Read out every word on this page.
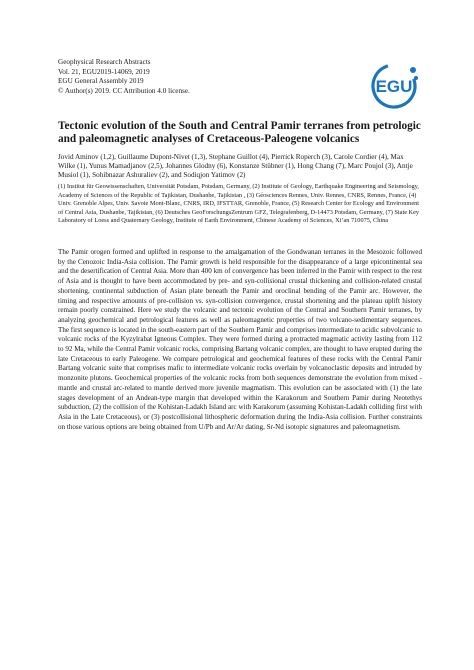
Geophysical Research Abstracts
Vol. 21, EGU2019-14069, 2019
EGU General Assembly 2019
© Author(s) 2019. CC Attribution 4.0 license.	EGU
Tectonic evolution of the South and Central Pamir terranes from petrologic and paleomagnetic analyses of Cretaceous-Paleogene volcanics
Jovid Aminov (1,2), Guillaume Dupont-Nivet (1,3), Stephane Guillot (4), Pierrick Roperch (3), Carole Cordier (4), Max Wilke (1), Yunus Mamadjanov (2,5), Johannes Glodny (6), Konstanze Stübner (1), Hong Chang (7), Marc Poujol (3), Antje Musiol (1), Sohibnazar Ashuraliev (2), and Sodiqjon Yatimov (2)
(1) Institut für Geowissenschaften, Universität Potsdam, Potsdam, Germany, (2) Institute of Geology, Earthquake Engineering and Seismology, Academy of Sciences of the Republic of Tajikistan, Dushanbe, Tajikistan , (3) Géosciences Rennes, Univ. Rennes, CNRS, Rennes, France, (4) Univ. Grenoble Alpes, Univ. Savoie Mont-Blanc, CNRS, IRD, IFSTTAR, Grenoble, France, (5) Research Center for Ecology and Environment of Central Asia, Dushanbe, Tajikistan, (6) Deutsches GeoForschungsZentrum GFZ, Telegrafenberg, D-14473 Potsdam, Germany, (7) State Key Laboratory of Loess and Quaternary Geology, Institute of Earth Environment, Chinese Academy of Sciences, Xi’an 710075, China
The Pamir orogen formed and uplifted in response to the amalgamation of the Gondwanan terranes in the Mesozoic followed by the Cenozoic India-Asia collision. The Pamir growth is held responsible for the disappearance of a large epicontinental sea and the desertification of Central Asia. More than 400 km of convergence has been inferred in the Pamir with respect to the rest of Asia and is thought to have been accommodated by pre- and syn-collisional crustal thickening and collision-related crustal shortening, continental subduction of Asian plate beneath the Pamir and oroclinal bending of the Pamir arc. However, the timing and respective amounts of pre-collision vs. syn-collision convergence, crustal shortening and the plateau uplift history remain poorly constrained. Here we study the volcanic and tectonic evolution of the Central and Southern Pamir terranes, by analyzing geochemical and petrological features as well as paleomagnetic properties of two volcano-sedimentary sequences. The first sequence is located in the south-eastern part of the Southern Pamir and comprises intermediate to acidic subvolcanic to volcanic rocks of the Kyzylrabat Igneous Complex. They were formed during a protracted magmatic activity lasting from 112 to 92 Ma, while the Central Pamir volcanic rocks, comprising Bartang volcanic complex, are thought to have erupted during the late Cretaceous to early Paleogene. We compare petrological and geochemical features of these rocks with the Central Pamir Bartang volcanic suite that comprises mafic to intermediate volcanic rocks overlain by volcanoclastic deposits and intruded by monzonite plutons. Geochemical properties of the volcanic rocks from both sequences demonstrate the evolution from mixed - mantle and crustal arc-related to mantle derived more juvenile magmatism. This evolution can be associated with (1) the late stages development of an Andean-type margin that developed within the Karakorum and Southern Pamir during Neotethys subduction, (2) the collision of the Kohistan-Ladakh Island arc with Karakorum (assuming Kohistan-Ladakh colliding first with Asia in the Late Cretaceous), or (3) postcollisional lithospheric deformation during the India-Asia collision. Further constraints on those various options are being obtained from U/Pb and Ar/Ar dating, Sr-Nd isotopic signatures and paleomagnetism.
